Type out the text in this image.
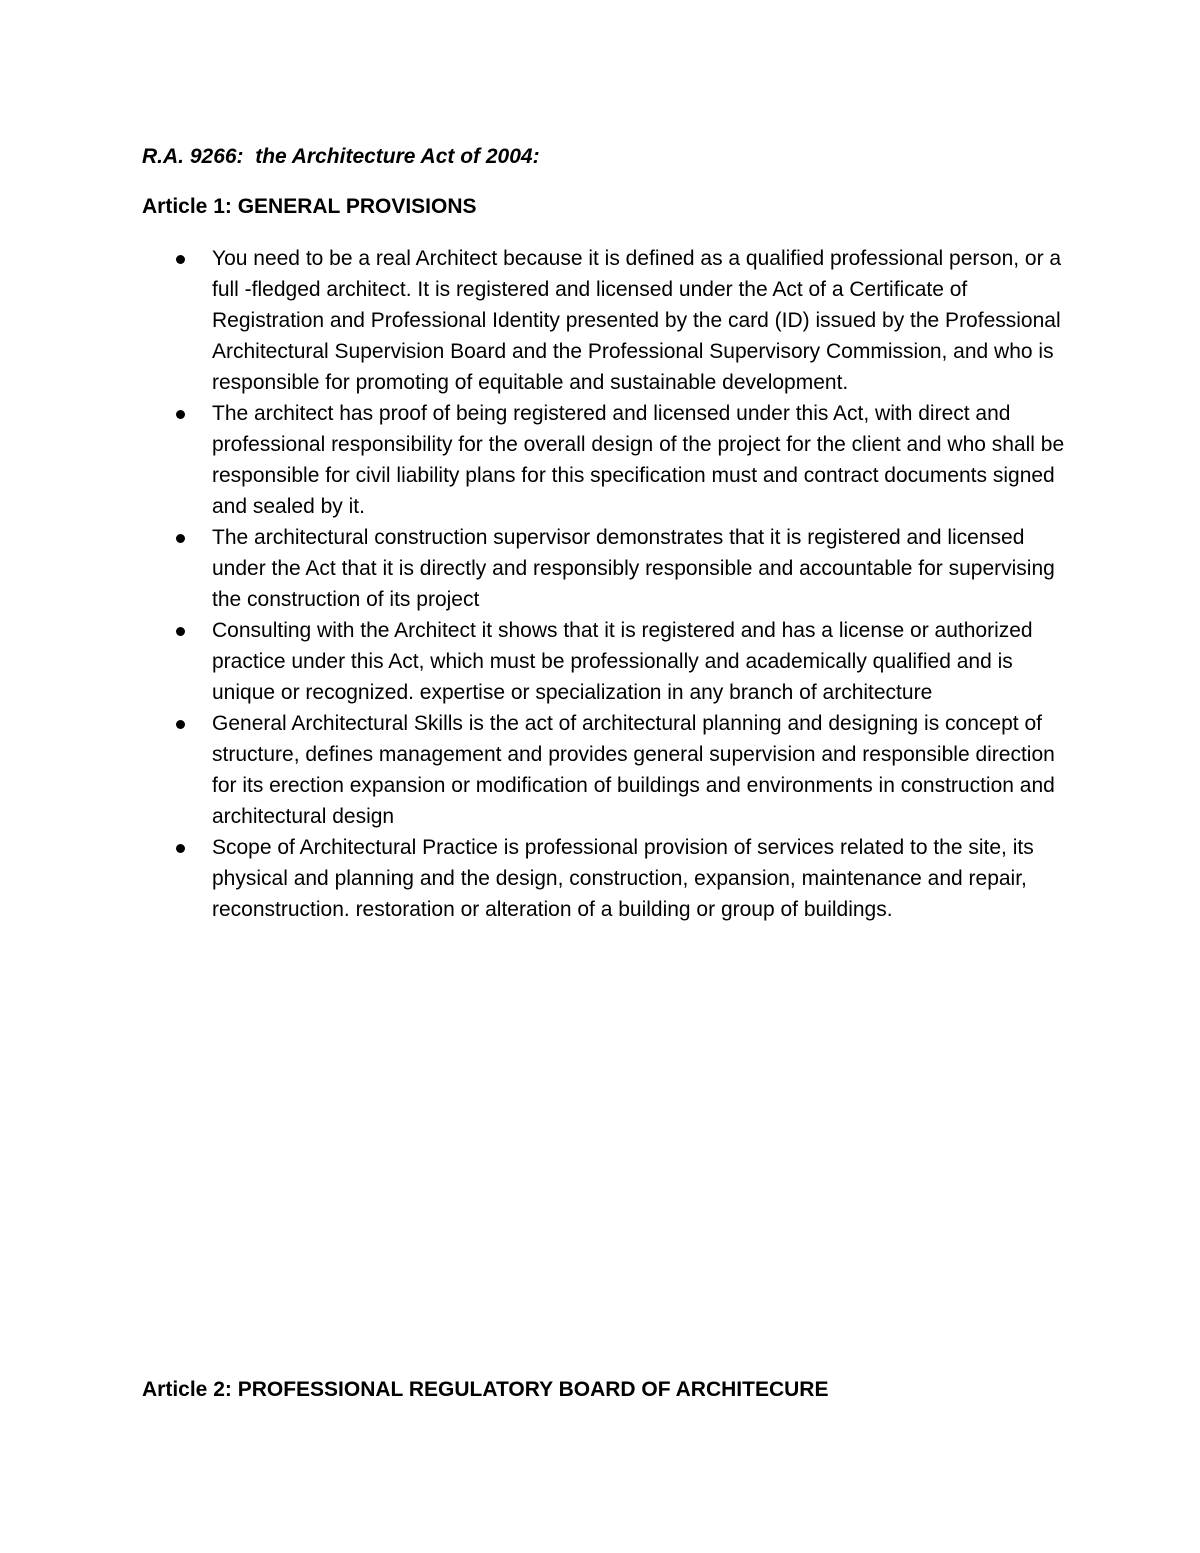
R.A. 9266:  the Architecture Act of 2004:

Article 1: GENERAL PROVISIONS

You need to be a real Architect because it is defined as a qualified professional person, or a full -fledged architect. It is registered and licensed under the Act of a Certificate of Registration and Professional Identity presented by the card (ID) issued by the Professional Architectural Supervision Board and the Professional Supervisory Commission, and who is responsible for promoting of equitable and sustainable development.
The architect has proof of being registered and licensed under this Act, with direct and professional responsibility for the overall design of the project for the client and who shall be responsible for civil liability plans for this specification must and contract documents signed and sealed by it.
The architectural construction supervisor demonstrates that it is registered and licensed under the Act that it is directly and responsibly responsible and accountable for supervising the construction of its project
Consulting with the Architect it shows that it is registered and has a license or authorized practice under this Act, which must be professionally and academically qualified and is unique or recognized. expertise or specialization in any branch of architecture
General Architectural Skills is the act of architectural planning and designing is concept of structure, defines management and provides general supervision and responsible direction for its erection expansion or modification of buildings and environments in construction and architectural design
Scope of Architectural Practice is professional provision of services related to the site, its physical and planning and the design, construction, expansion, maintenance and repair, reconstruction. restoration or alteration of a building or group of buildings.

Article 2: PROFESSIONAL REGULATORY BOARD OF ARCHITECURE
